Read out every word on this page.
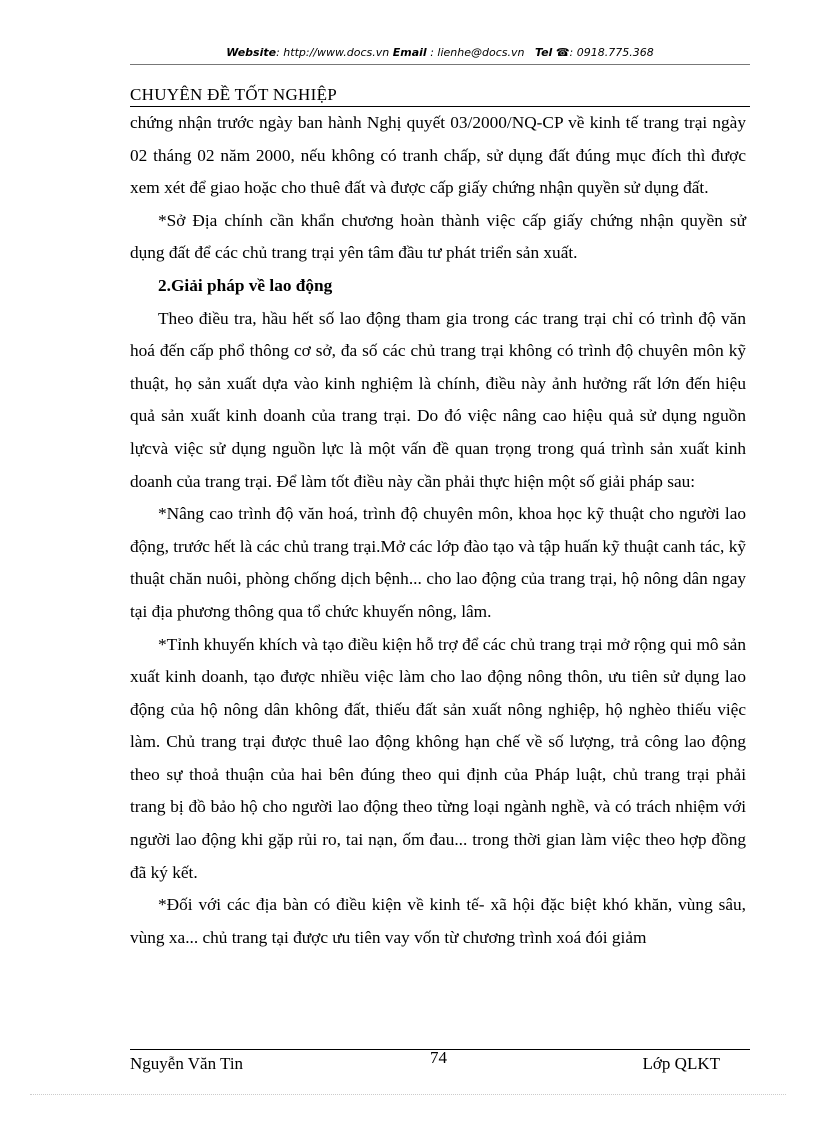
Website: http://www.docs.vn Email : lienhe@docs.vn Tel ☎: 0918.775.368
CHUYÊN ĐỀ TỐT NGHIỆP

chứng nhận trước ngày ban hành Nghị quyết 03/2000/NQ-CP về kinh tế trang trại ngày 02 tháng 02 năm 2000, nếu không có tranh chấp, sử dụng đất đúng mục đích thì được xem xét để giao hoặc cho thuê đất và được cấp giấy chứng nhận quyền sử dụng đất.

*Sở Địa chính cần khẩn chương hoàn thành việc cấp giấy chứng nhận quyền sử dụng đất để các chủ trang trại yên tâm đầu tư phát triển sản xuất.

2.Giải pháp về lao động

Theo điều tra, hầu hết số lao động tham gia trong các trang trại chỉ có trình độ văn hoá đến cấp phổ thông cơ sở, đa số các chủ trang trại không có trình độ chuyên môn kỹ thuật, họ sản xuất dựa vào kinh nghiệm là chính, điều này ảnh hưởng rất lớn đến hiệu quả sản xuất kinh doanh của trang trại. Do đó việc nâng cao hiệu quả sử dụng nguồn lựcvà việc sử dụng nguồn lực là một vấn đề quan trọng trong quá trình sản xuất kinh doanh của trang trại. Để làm tốt điều này cần phải thực hiện một số giải pháp sau:

*Nâng cao trình độ văn hoá, trình độ chuyên môn, khoa học kỹ thuật cho người lao động, trước hết là các chủ trang trại.Mở các lớp đào tạo và tập huấn kỹ thuật canh tác, kỹ thuật chăn nuôi, phòng chống dịch bệnh... cho lao động của trang trại, hộ nông dân ngay tại địa phương thông qua tổ chức khuyến nông, lâm.

*Tỉnh khuyến khích và tạo điều kiện hỗ trợ để các chủ trang trại mở rộng qui mô sản xuất kinh doanh, tạo được nhiều việc làm cho lao động nông thôn, ưu tiên sử dụng lao động của hộ nông dân không đất, thiếu đất sản xuất nông nghiệp, hộ nghèo thiếu việc làm. Chủ trang trại được thuê lao động không hạn chế về số lượng, trả công lao động theo sự thoả thuận của hai bên đúng theo qui định của Pháp luật, chủ trang trại phải trang bị đồ bảo hộ cho người lao động theo từng loại ngành nghề, và có trách nhiệm với người lao động khi gặp rủi ro, tai nạn, ốm đau... trong thời gian làm việc theo hợp đồng đã ký kết.

*Đối với các địa bàn có điều kiện về kinh tế- xã hội đặc biệt khó khăn, vùng sâu, vùng xa... chủ trang tại được ưu tiên vay vốn từ chương trình xoá đói giảm

Nguyễn Văn Tin	74	Lớp QLKT
